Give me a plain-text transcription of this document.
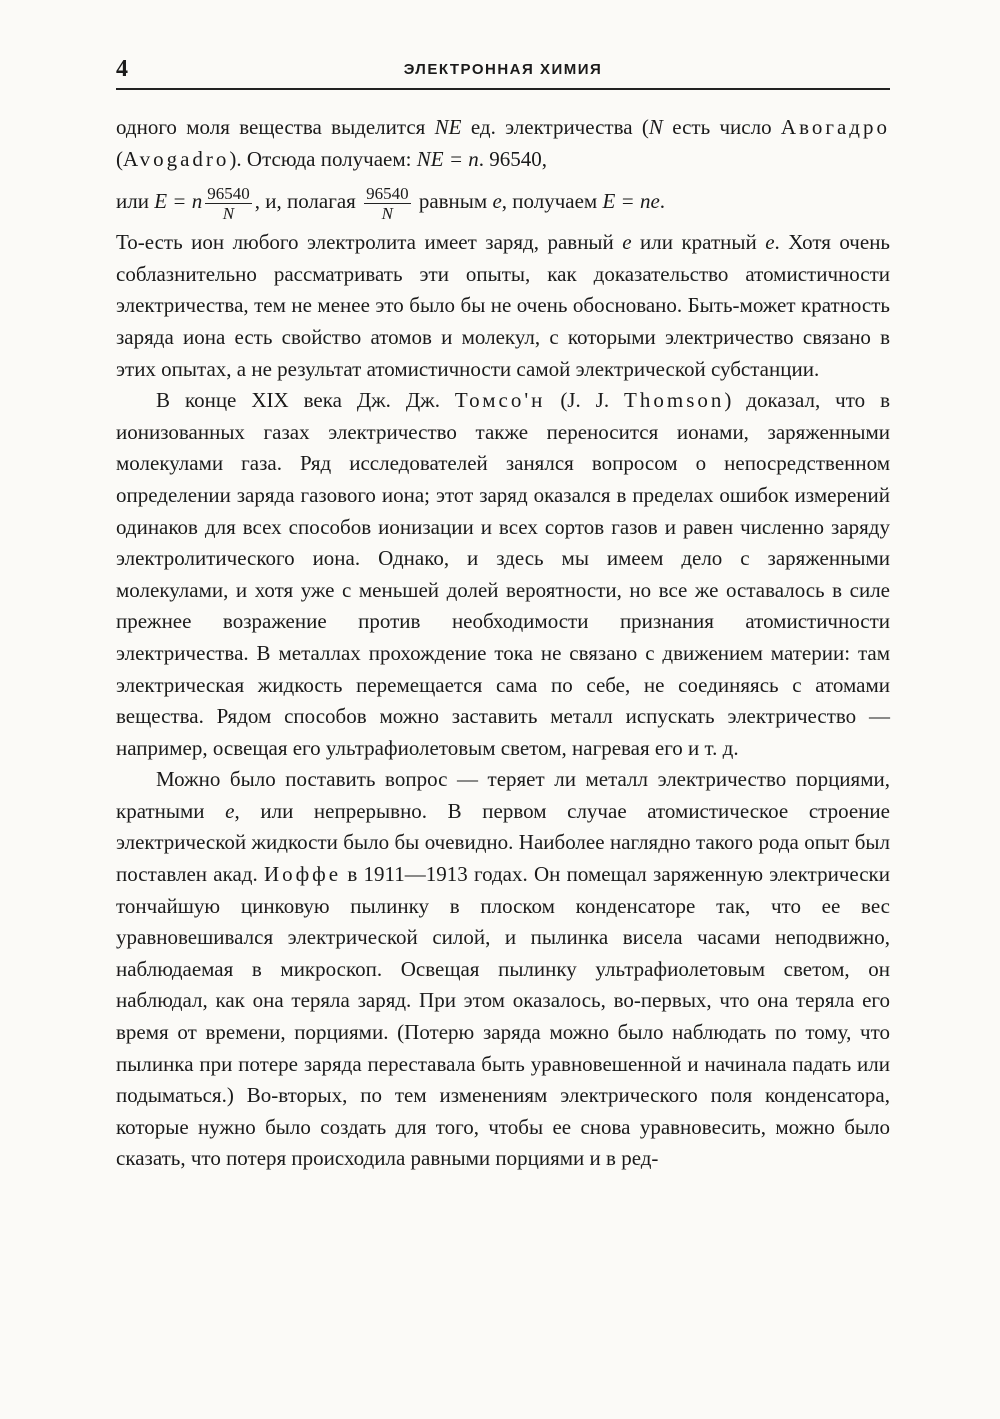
4	ЭЛЕКТРОННАЯ ХИМИЯ

одного моля вещества выделится NE ед. электричества (N есть число Авогадро (Avogadro). Отсюда получаем: NE = n. 96540,

или E = n $\frac{96540}{N}$ , и, полагая $\frac{96540}{N}$ равным e, получаем E = ne.

То-есть ион любого электролита имеет заряд, равный e или кратный e. Хотя очень соблазнительно рассматривать эти опыты, как доказательство атомистичности электричества, тем не менее это было бы не очень обосновано. Быть-может кратность заряда иона есть свойство атомов и молекул, с которыми электричество связано в этих опытах, а не результат атомистичности самой электрической субстанции.

В конце XIX века Дж. Дж. Томсо'н (J. J. Thomson) доказал, что в ионизованных газах электричество также переносится ионами, заряженными молекулами газа. Ряд исследователей занялся вопросом о непосредственном определении заряда газового иона; этот заряд оказался в пределах ошибок измерений одинаков для всех способов ионизации и всех сортов газов и равен численно заряду электролитического иона. Однако, и здесь мы имеем дело с заряженными молекулами, и хотя уже с меньшей долей вероятности, но все же оставалось в силе прежнее возражение против необходимости признания атомистичности электричества. В металлах прохождение тока не связано с движением материи: там электрическая жидкость перемещается сама по себе, не соединяясь с атомами вещества. Рядом способов можно заставить металл испускать электричество — например, освещая его ультрафиолетовым светом, нагревая его и т. д.

Можно было поставить вопрос — теряет ли металл электричество порциями, кратными e, или непрерывно. В первом случае атомистическое строение электрической жидкости было бы очевидно. Наиболее наглядно такого рода опыт был поставлен акад. Иоффе в 1911—1913 годах. Он помещал заряженную электрически тончайшую цинковую пылинку в плоском конденсаторе так, что ее вес уравновешивался электрической силой, и пылинка висела часами неподвижно, наблюдаемая в микроскоп. Освещая пылинку ультрафиолетовым светом, он наблюдал, как она теряла заряд. При этом оказалось, во-первых, что она теряла его время от времени, порциями. (Потерю заряда можно было наблюдать по тому, что пылинка при потере заряда переставала быть уравновешенной и начинала падать или подыматься.) Во-вторых, по тем изменениям электрического поля конденсатора, которые нужно было создать для того, чтобы ее снова уравновесить, можно было сказать, что потеря происходила равными порциями и в ред-
